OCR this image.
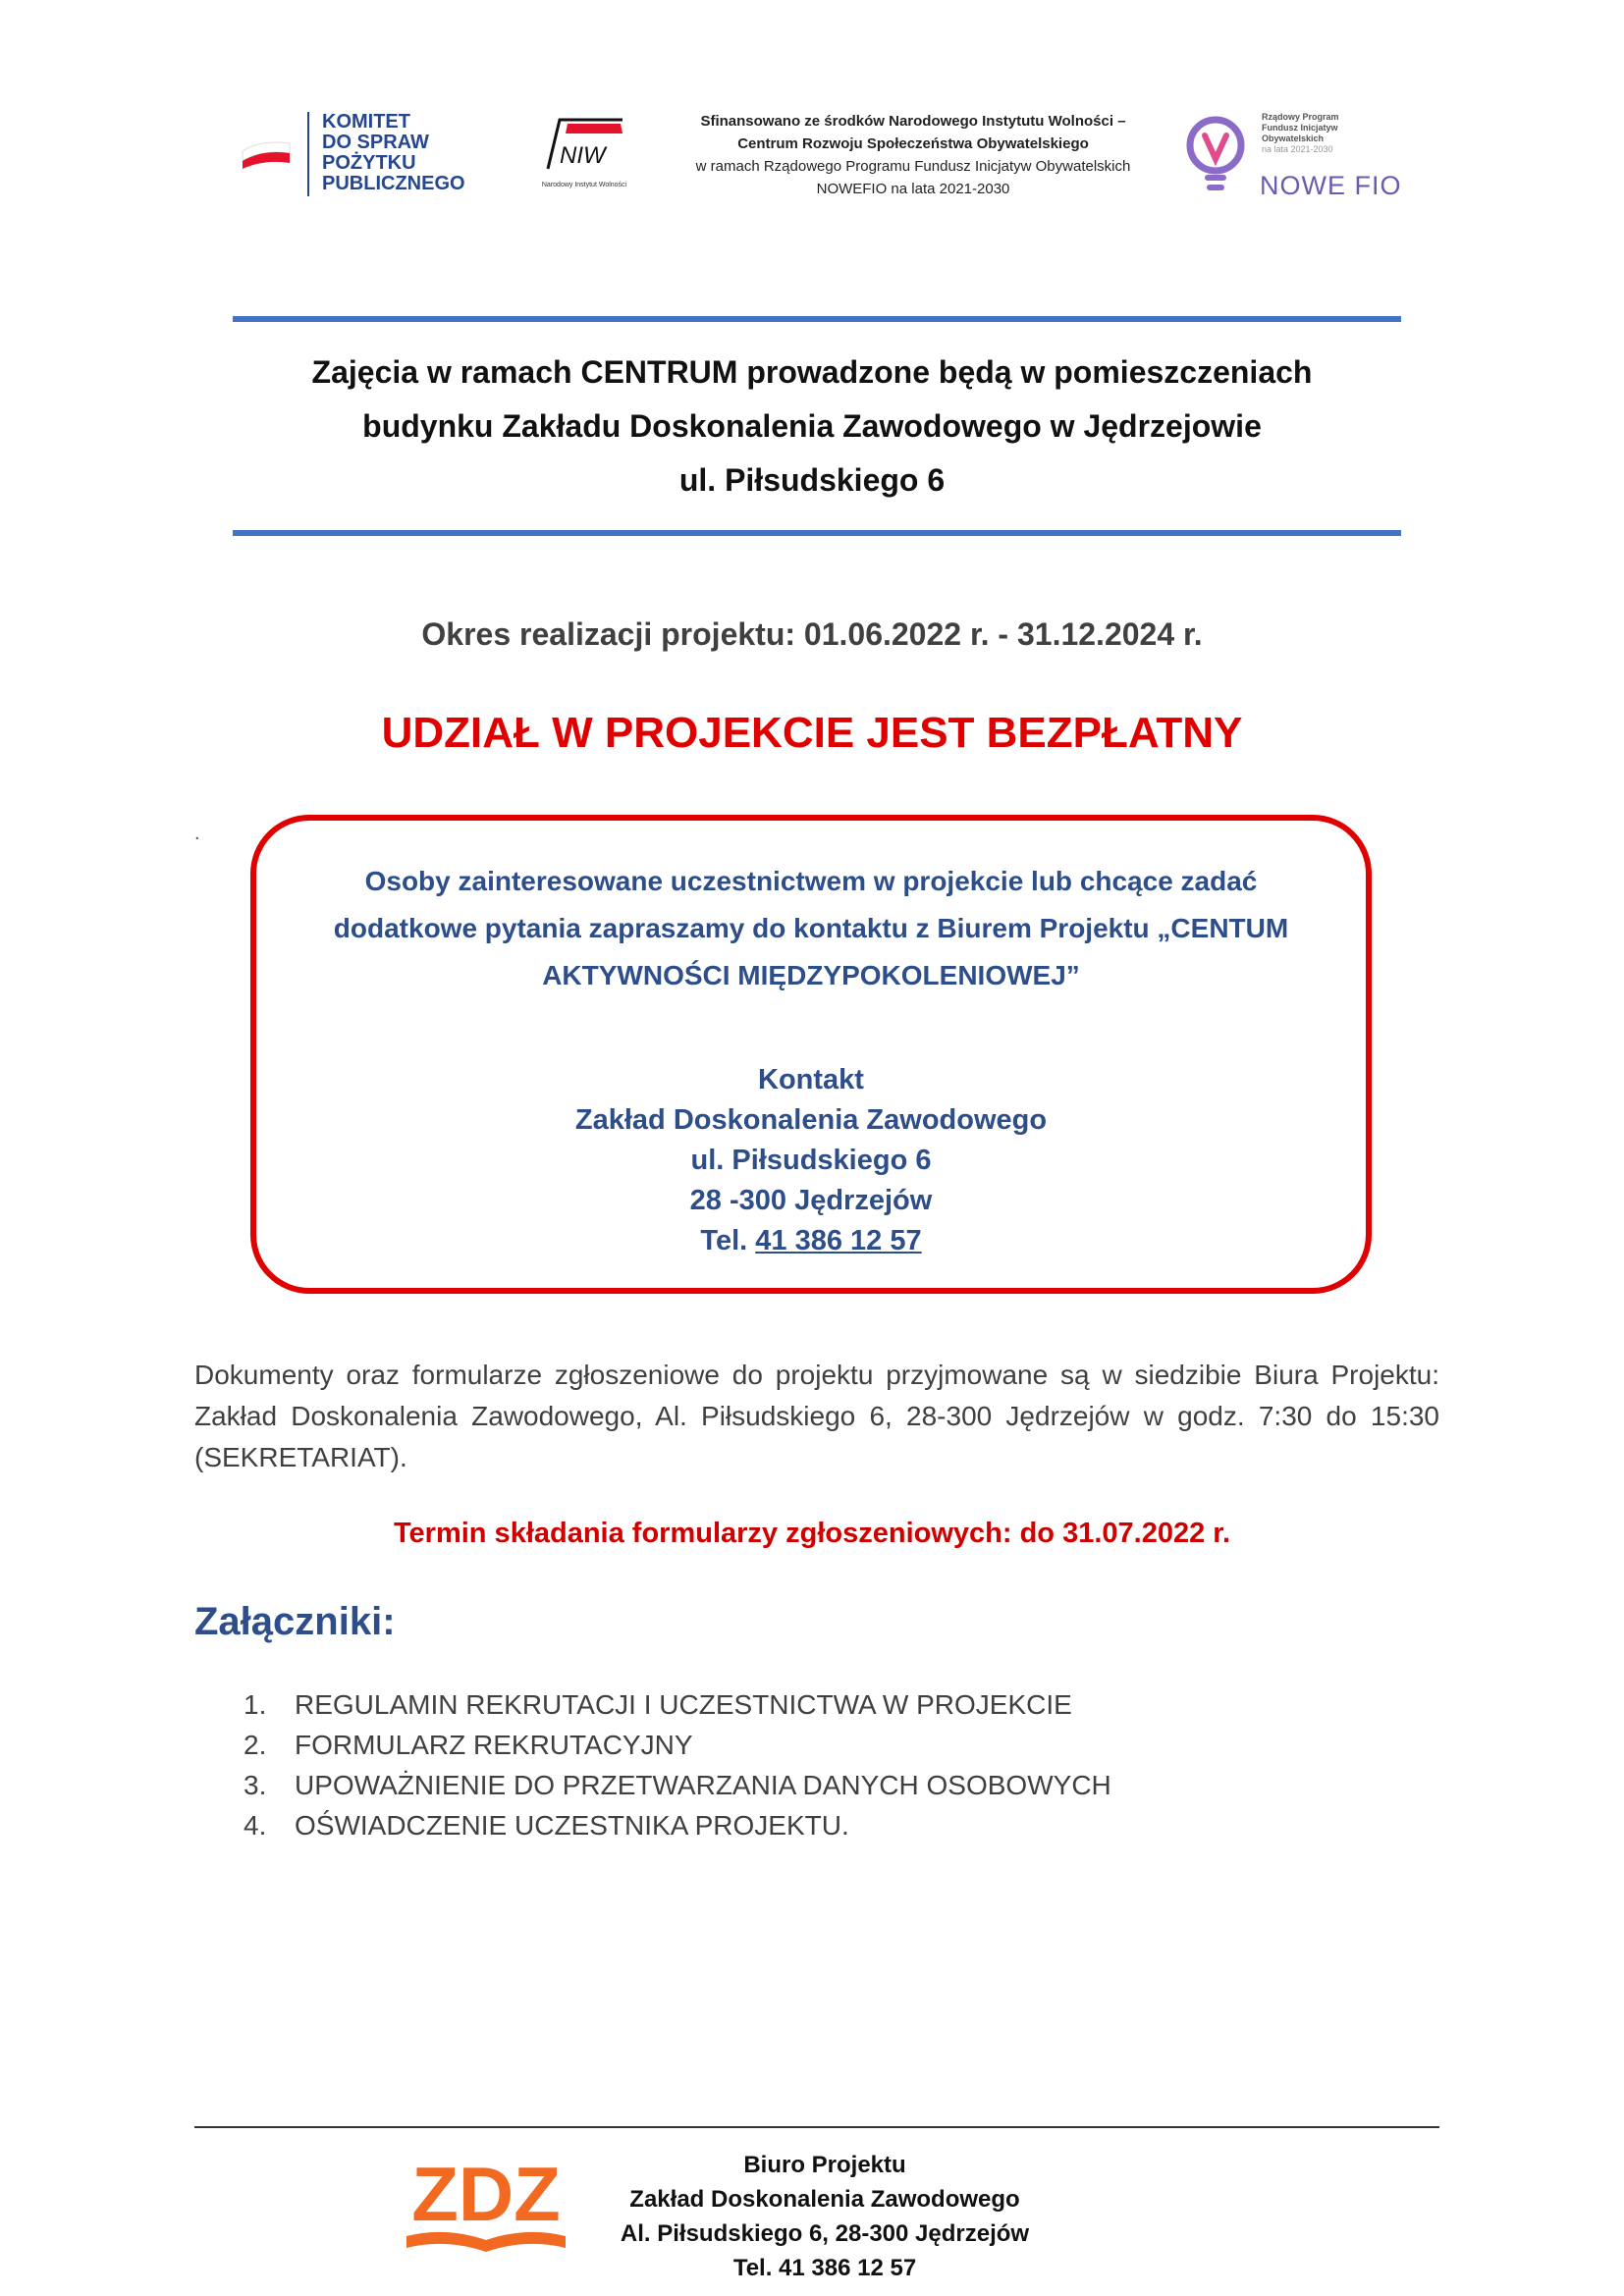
KOMITET
DO SPRAW
POŻYTKU
PUBLICZNEGO
NIW
Narodowy Instytut Wolności
Sfinansowano ze środków Narodowego Instytutu Wolności –
Centrum Rozwoju Społeczeństwa Obywatelskiego
w ramach Rządowego Programu Fundusz Inicjatyw Obywatelskich
NOWEFIO na lata 2021-2030
Rządowy Program
Fundusz Inicjatyw
Obywatelskich
na lata 2021-2030
NOWE FIO
Zajęcia w ramach CENTRUM prowadzone będą w pomieszczeniach
budynku Zakładu Doskonalenia Zawodowego w Jędrzejowie
ul. Piłsudskiego 6
Okres realizacji projektu: 01.06.2022 r. - 31.12.2024 r.
UDZIAŁ W PROJEKCIE JEST BEZPŁATNY
.
Osoby zainteresowane uczestnictwem w projekcie lub chcące zadać
dodatkowe pytania zapraszamy do kontaktu z Biurem Projektu „CENTUM
AKTYWNOŚCI MIĘDZYPOKOLENIOWEJ”
Kontakt
Zakład Doskonalenia Zawodowego
ul. Piłsudskiego 6
28 -300 Jędrzejów
Tel. 41 386 12 57
Dokumenty oraz formularze zgłoszeniowe do projektu przyjmowane są w siedzibie Biura Projektu: Zakład Doskonalenia Zawodowego, Al. Piłsudskiego 6, 28-300 Jędrzejów w godz. 7:30 do 15:30 (SEKRETARIAT).
Termin składania formularzy zgłoszeniowych: do 31.07.2022 r.
Załączniki:
1. REGULAMIN REKRUTACJI I UCZESTNICTWA W PROJEKCIE
2. FORMULARZ REKRUTACYJNY
3. UPOWAŻNIENIE DO PRZETWARZANIA DANYCH OSOBOWYCH
4. OŚWIADCZENIE UCZESTNIKA PROJEKTU.
ZDZ	Biuro Projektu
Zakład Doskonalenia Zawodowego
Al. Piłsudskiego 6, 28-300 Jędrzejów
Tel. 41 386 12 57
